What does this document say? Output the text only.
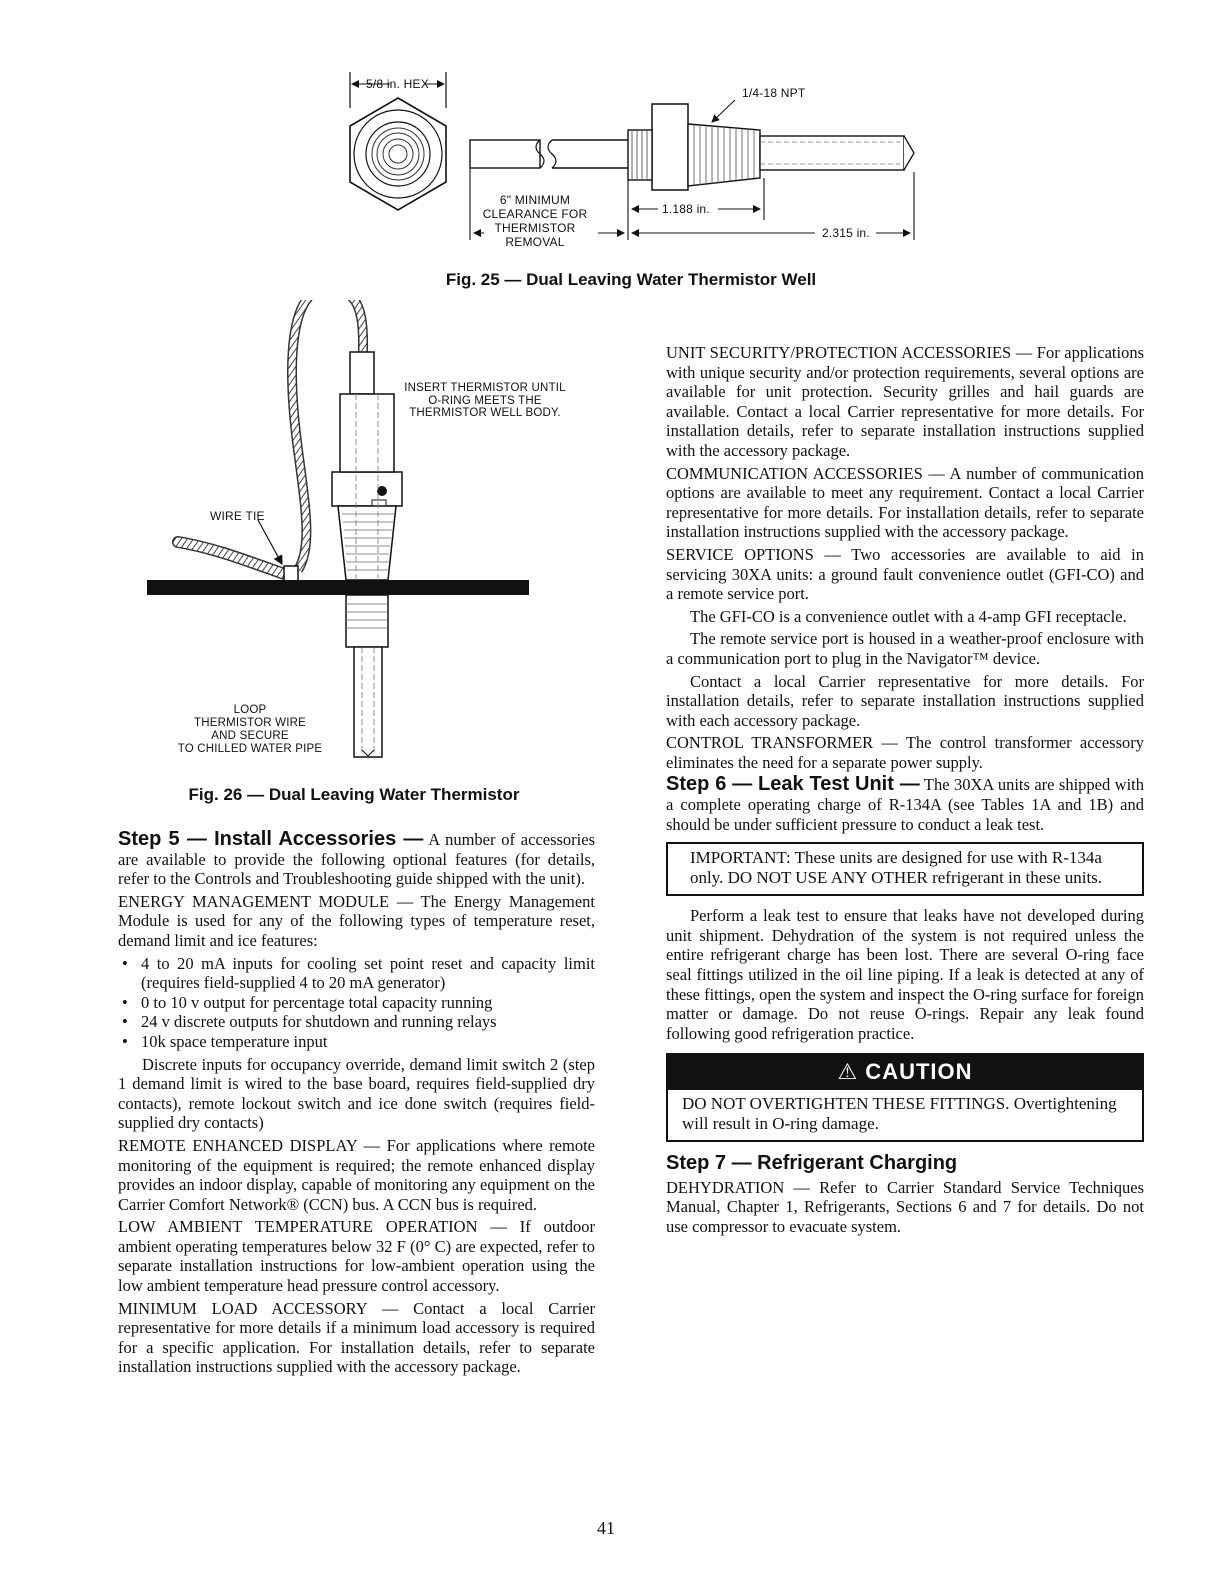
5/8 in. HEX
1/4-18 NPT
6" MINIMUM
CLEARANCE FOR
THERMISTOR
REMOVAL
1.188 in.
2.315 in.
Fig. 25 — Dual Leaving Water Thermistor Well
INSERT THERMISTOR UNTIL
O-RING MEETS THE
THERMISTOR WELL BODY.
WIRE TIE
LOOP
THERMISTOR WIRE
AND SECURE
TO CHILLED WATER PIPE
Fig. 26 — Dual Leaving Water Thermistor

Step 5 — Install Accessories — A number of accessories are available to provide the following optional features (for details, refer to the Controls and Troubleshooting guide shipped with the unit).

ENERGY MANAGEMENT MODULE — The Energy Management Module is used for any of the following types of temperature reset, demand limit and ice features:

• 4 to 20 mA inputs for cooling set point reset and capacity limit (requires field-supplied 4 to 20 mA generator)
• 0 to 10 v output for percentage total capacity running
• 24 v discrete outputs for shutdown and running relays
• 10k space temperature input

Discrete inputs for occupancy override, demand limit switch 2 (step 1 demand limit is wired to the base board, requires field-supplied dry contacts), remote lockout switch and ice done switch (requires field-supplied dry contacts)

REMOTE ENHANCED DISPLAY — For applications where remote monitoring of the equipment is required; the remote enhanced display provides an indoor display, capable of monitoring any equipment on the Carrier Comfort Network® (CCN) bus. A CCN bus is required.

LOW AMBIENT TEMPERATURE OPERATION — If outdoor ambient operating temperatures below 32 F (0° C) are expected, refer to separate installation instructions for low-ambient operation using the low ambient temperature head pressure control accessory.

MINIMUM LOAD ACCESSORY — Contact a local Carrier representative for more details if a minimum load accessory is required for a specific application. For installation details, refer to separate installation instructions supplied with the accessory package.

UNIT SECURITY/PROTECTION ACCESSORIES — For applications with unique security and/or protection requirements, several options are available for unit protection. Security grilles and hail guards are available. Contact a local Carrier representative for more details. For installation details, refer to separate installation instructions supplied with the accessory package.

COMMUNICATION ACCESSORIES — A number of communication options are available to meet any requirement. Contact a local Carrier representative for more details. For installation details, refer to separate installation instructions supplied with the accessory package.

SERVICE OPTIONS — Two accessories are available to aid in servicing 30XA units: a ground fault convenience outlet (GFI-CO) and a remote service port.

The GFI-CO is a convenience outlet with a 4-amp GFI receptacle.

The remote service port is housed in a weather-proof enclosure with a communication port to plug in the Navigator™ device.

Contact a local Carrier representative for more details. For installation details, refer to separate installation instructions supplied with each accessory package.

CONTROL TRANSFORMER — The control transformer accessory eliminates the need for a separate power supply.

Step 6 — Leak Test Unit — The 30XA units are shipped with a complete operating charge of R-134A (see Tables 1A and 1B) and should be under sufficient pressure to conduct a leak test.

IMPORTANT: These units are designed for use with R-134a only. DO NOT USE ANY OTHER refrigerant in these units.

Perform a leak test to ensure that leaks have not developed during unit shipment. Dehydration of the system is not required unless the entire refrigerant charge has been lost. There are several O-ring face seal fittings utilized in the oil line piping. If a leak is detected at any of these fittings, open the system and inspect the O-ring surface for foreign matter or damage. Do not reuse O-rings. Repair any leak found following good refrigeration practice.

⚠ CAUTION
DO NOT OVERTIGHTEN THESE FITTINGS. Overtightening will result in O-ring damage.
Step 7 — Refrigerant Charging

DEHYDRATION — Refer to Carrier Standard Service Techniques Manual, Chapter 1, Refrigerants, Sections 6 and 7 for details. Do not use compressor to evacuate system.

41
